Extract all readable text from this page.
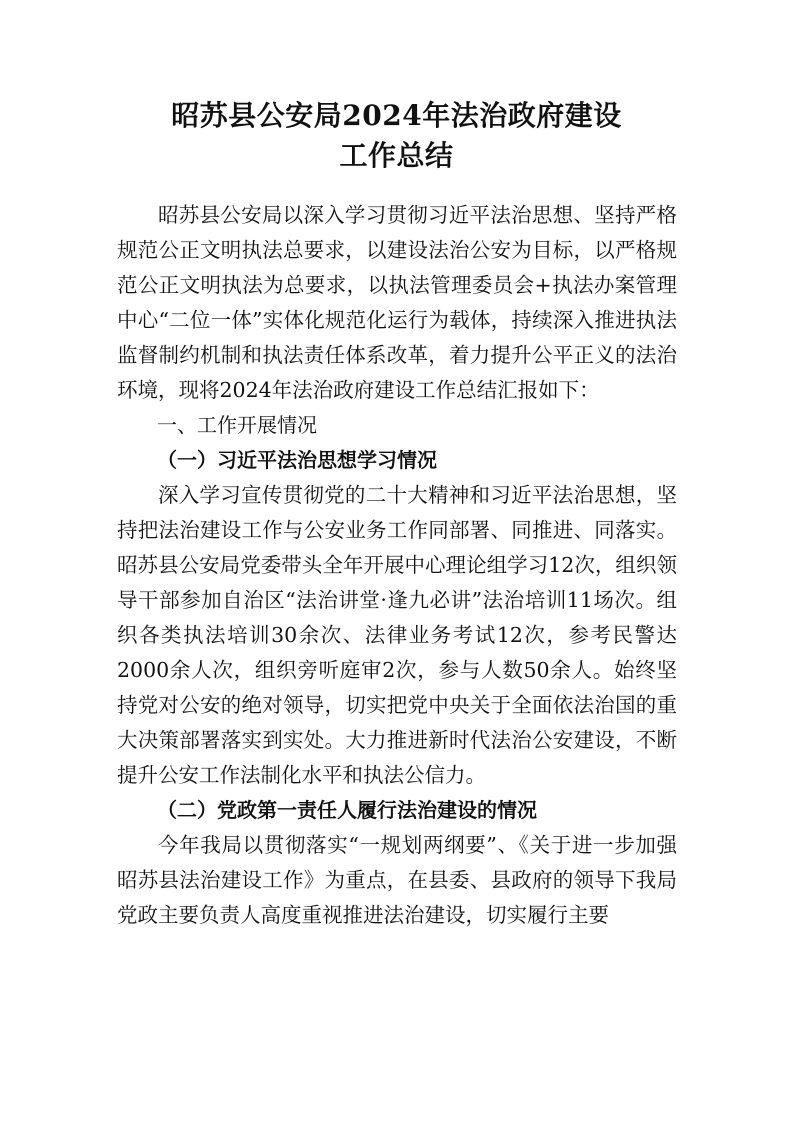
昭苏县公安局2024年法治政府建设
工作总结

昭苏县公安局以深入学习贯彻习近平法治思想、坚持严格规范公正文明执法总要求，以建设法治公安为目标，以严格规范公正文明执法为总要求，以执法管理委员会+执法办案管理中心“二位一体”实体化规范化运行为载体，持续深入推进执法监督制约机制和执法责任体系改革，着力提升公平正义的法治环境，现将2024年法治政府建设工作总结汇报如下：

一、工作开展情况

（一）习近平法治思想学习情况

深入学习宣传贯彻党的二十大精神和习近平法治思想，坚持把法治建设工作与公安业务工作同部署、同推进、同落实。昭苏县公安局党委带头全年开展中心理论组学习12次，组织领导干部参加自治区“法治讲堂·逢九必讲”法治培训11场次。组织各类执法培训30余次、法律业务考试12次，参考民警达2000余人次，组织旁听庭审2次，参与人数50余人。始终坚持党对公安的绝对领导，切实把党中央关于全面依法治国的重大决策部署落实到实处。大力推进新时代法治公安建设，不断提升公安工作法制化水平和执法公信力。

（二）党政第一责任人履行法治建设的情况

今年我局以贯彻落实“一规划两纲要”、《关于进一步加强昭苏县法治建设工作》为重点，在县委、县政府的领导下我局党政主要负责人高度重视推进法治建设，切实履行主要
